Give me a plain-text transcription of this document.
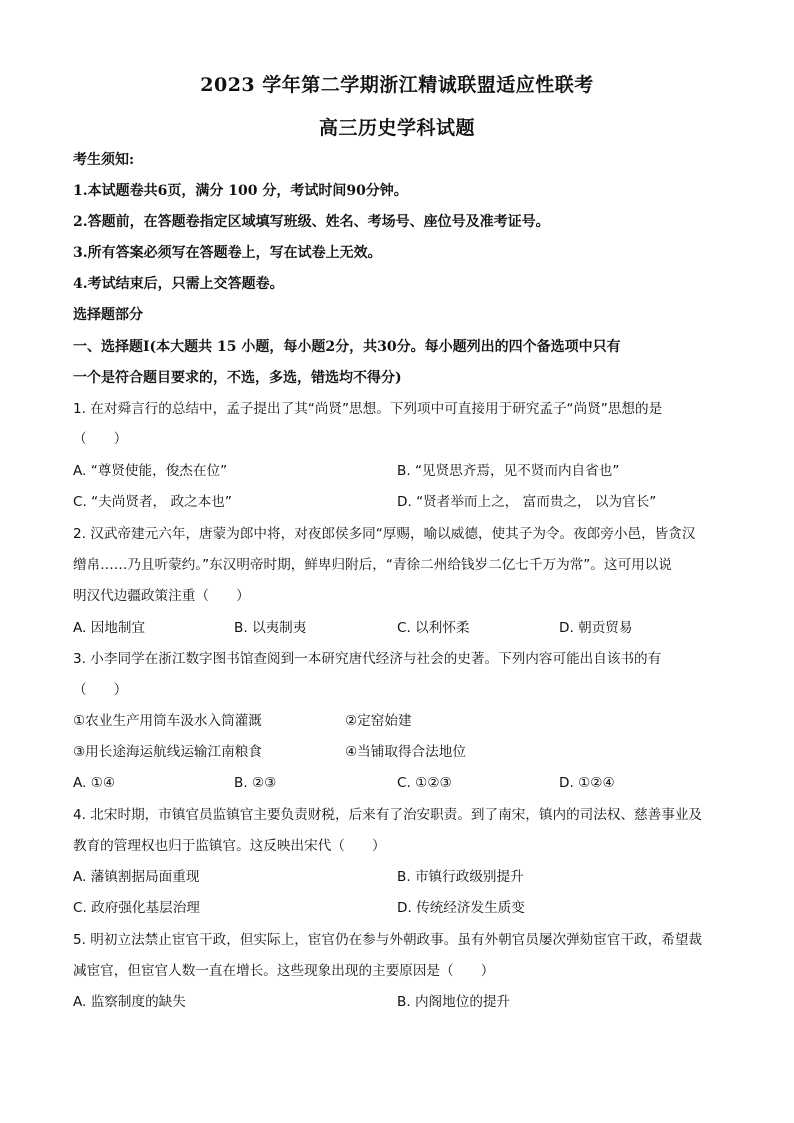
2023 学年第二学期浙江精诚联盟适应性联考
高三历史学科试题
考生须知:
1.本试题卷共6页，满分 100 分，考试时间90分钟。
2.答题前，在答题卷指定区域填写班级、姓名、考场号、座位号及准考证号。
3.所有答案必须写在答题卷上，写在试卷上无效。
4.考试结束后，只需上交答题卷。
选择题部分
一、选择题Ⅰ(本大题共 15 小题，每小题2分，共30分。每小题列出的四个备选项中只有
一个是符合题目要求的，不选，多选，错选均不得分)
1. 在对舜言行的总结中，孟子提出了其“尚贤”思想。下列项中可直接用于研究孟子“尚贤”思想的是
（　　）
A. “尊贤使能，俊杰在位”	B. “见贤思齐焉，见不贤而内自省也”
C. “夫尚贤者， 政之本也”	D. “贤者举而上之， 富而贵之， 以为官长”
2. 汉武帝建元六年，唐蒙为郎中将，对夜郎侯多同“厚赐，喻以威德，使其子为令。夜郎旁小邑，皆贪汉
缯帛……乃且听蒙约。”东汉明帝时期，鲜卑归附后，“青徐二州给钱岁二亿七千万为常”。这可用以说
明汉代边疆政策注重（　　）
A. 因地制宜	B. 以夷制夷	C. 以利怀柔	D. 朝贡贸易
3. 小李同学在浙江数字图书馆查阅到一本研究唐代经济与社会的史著。下列内容可能出自该书的有
（　　）
①农业生产用筒车汲水入筒灌溉	②定窑始建
③用长途海运航线运输江南粮食	④当铺取得合法地位
A. ①④	B. ②③	C. ①②③	D. ①②④
4. 北宋时期，市镇官员监镇官主要负责财税，后来有了治安职责。到了南宋，镇内的司法权、慈善事业及
教育的管理权也归于监镇官。这反映出宋代（　　）
A. 藩镇割据局面重现	B. 市镇行政级别提升
C. 政府强化基层治理	D. 传统经济发生质变
5. 明初立法禁止宦官干政，但实际上，宦官仍在参与外朝政事。虽有外朝官员屡次弹劾宦官干政，希望裁
减宦官，但宦官人数一直在增长。这些现象出现的主要原因是（　　）
A. 监察制度的缺失	B. 内阁地位的提升
